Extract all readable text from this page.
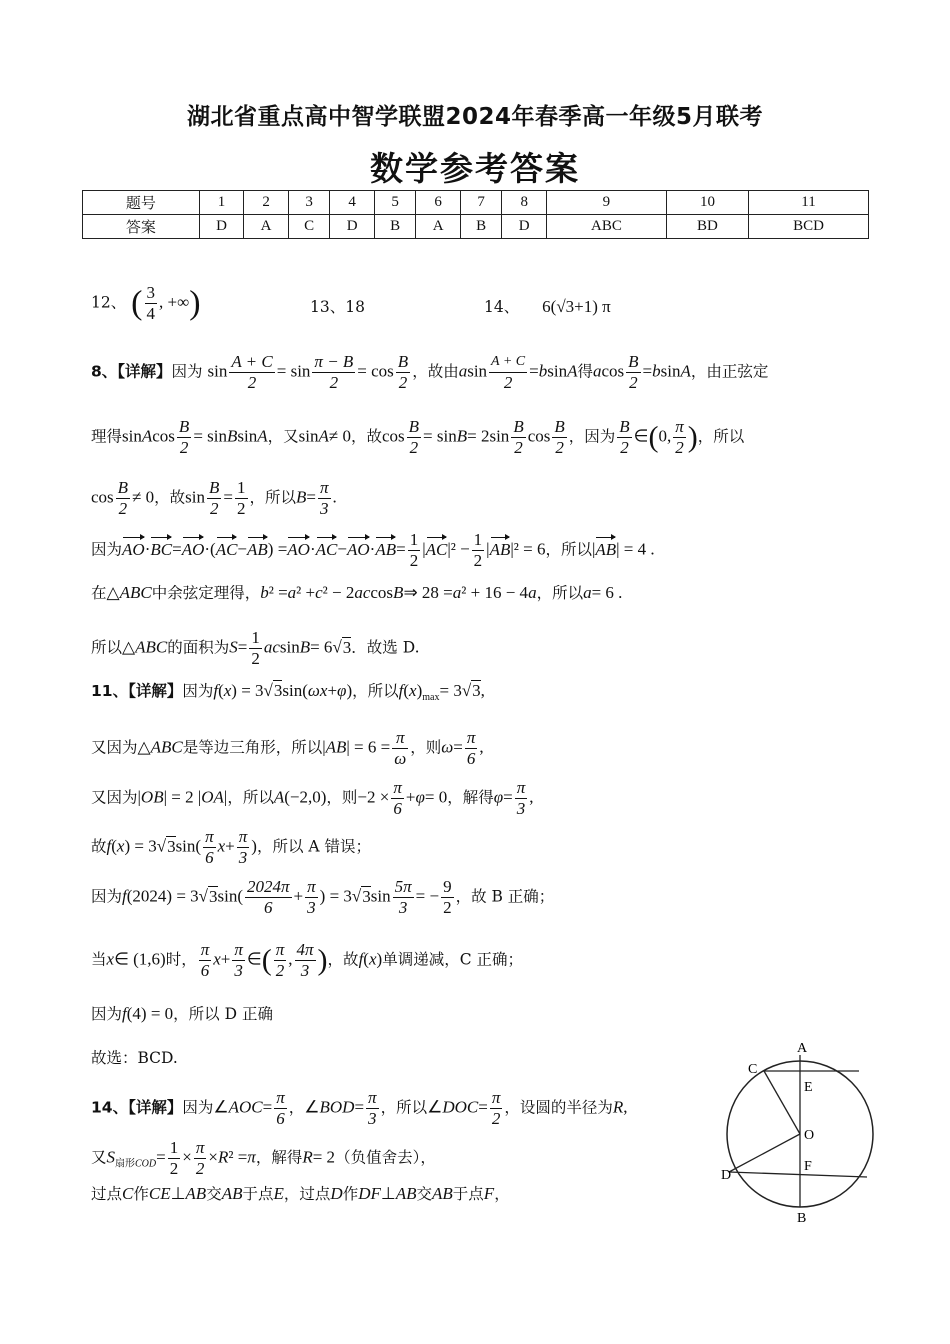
湖北省重点高中智学联盟2024年春季高一年级5月联考
数学参考答案
题号	1	2	3	4	5	6	7	8	9	10	11
答案	D	A	C	D	B	A	B	D	ABC	BD	BCD
12、 ( $\frac{3}{4}$ , +∞)	13、18	14、 6(√3+1) π
8、【详解】因为 $\sin \frac{A + C}{2} = \sin \frac{\pi - B}{2} = \cos \frac{B}{2}$ ，故由asin $\frac{A + C}{2} =bsinA$得acos $\frac{B}{2} =bsinA$，由正弦定
理得sinAcos $\frac{B}{2}$ = sinBsinA，又sinA≠ 0，故$\cos \frac{B}{2} = \sin B= 2\sin \frac{B}{2}$ $\cos \frac{B}{2}$ ，因为 $\frac{B}{2}$ ∈(0, $\frac{\pi}{2}$ )，所以
$\cos \frac{B}{2} \ne 0$，故$\sin \frac{B}{2} = \frac{1}{2}$ ，所以$B= \frac{\pi}{3}$ .
因为$AO\cdot BC=AO\cdot(AC-AB) =AO\cdot AC-AO\cdot AB= \frac{1}{2} |AC|^2 - \frac{1}{2} |AB|^2 = 6$，所以|AB| = 4 .
在△ABC中余弦定理得，b² =a² +c² − 2accosB⇒ 28 =a² + 16 − 4a，所以a= 6 .
所以△ABC的面积为$S= \frac{1}{2} acsinB= 6√3$．故选 D.
11、【详解】因为f(x) = 3√3sin(ωx+φ)，所以$f(x)_{max}= 3√3$,
又因为△ABC是等边三角形，所以$|AB| = 6 = \frac{\pi}{\omega}$ ，则$\omega= \frac{\pi}{6}$ ,
又因为|OB| = 2 |OA|，所以A(−2,0)，则$-2 \times \frac{\pi}{6} +\varphi= 0$，解得$\varphi= \frac{\pi}{3}$ ,
故$f(x) = 3√3\sin( \frac{\pi}{6} x+ \frac{\pi}{3}$ )，所以 A 错误；
因为$f(2024) = 3√3\sin( \frac{2024\pi}{6} + \frac{\pi}{3}$ ) = $3√3\sin \frac{5\pi}{3}$ = − $\frac{9}{2}$ ，故 B 正确；
当x∈ (1,6)时， $\frac{\pi}{6} x+ \frac{\pi}{3}$ ∈( $\frac{\pi}{2}$ , $\frac{4\pi}{3}$ )，故f(x)单调递减，C 正确；
因为f(4) = 0，所以 D 正确
故选：BCD.
14、【详解】因为∠AOC= $\frac{\pi}{6}$ ，∠BOD= $\frac{\pi}{3}$ ，所以∠DOC= $\frac{\pi}{2}$ ，设圆的半径为R,
又$S_{扇形COD}= \frac{1}{2} \times \frac{\pi}{2} \times R^2 =\pi$，解得R= 2（负值舍去），
过点C作CE⊥AB交AB于点E，过点D作DF⊥AB交AB于点F，
A
B
C
D
E
F
O
